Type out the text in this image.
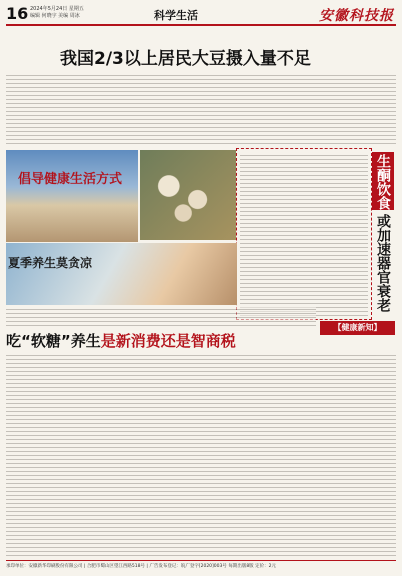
16 2024年5月24日 星期五
编辑 何晓宇 美编 周冰	科学生活	安徽科技报
我国2/3以上居民大豆摄入量不足
倡导健康生活方式	生酮饮食
或加速器官衰老
夏季养生莫贪凉
【健康新知】
吃“软糖”养生是新消费还是智商税
承印单位：安徽新华印刷股份有限公司 | 合肥市蜀山区望江西路518号 | 广告发布登记：皖广登字[2020]003号 每期出版8版 定价：2元
